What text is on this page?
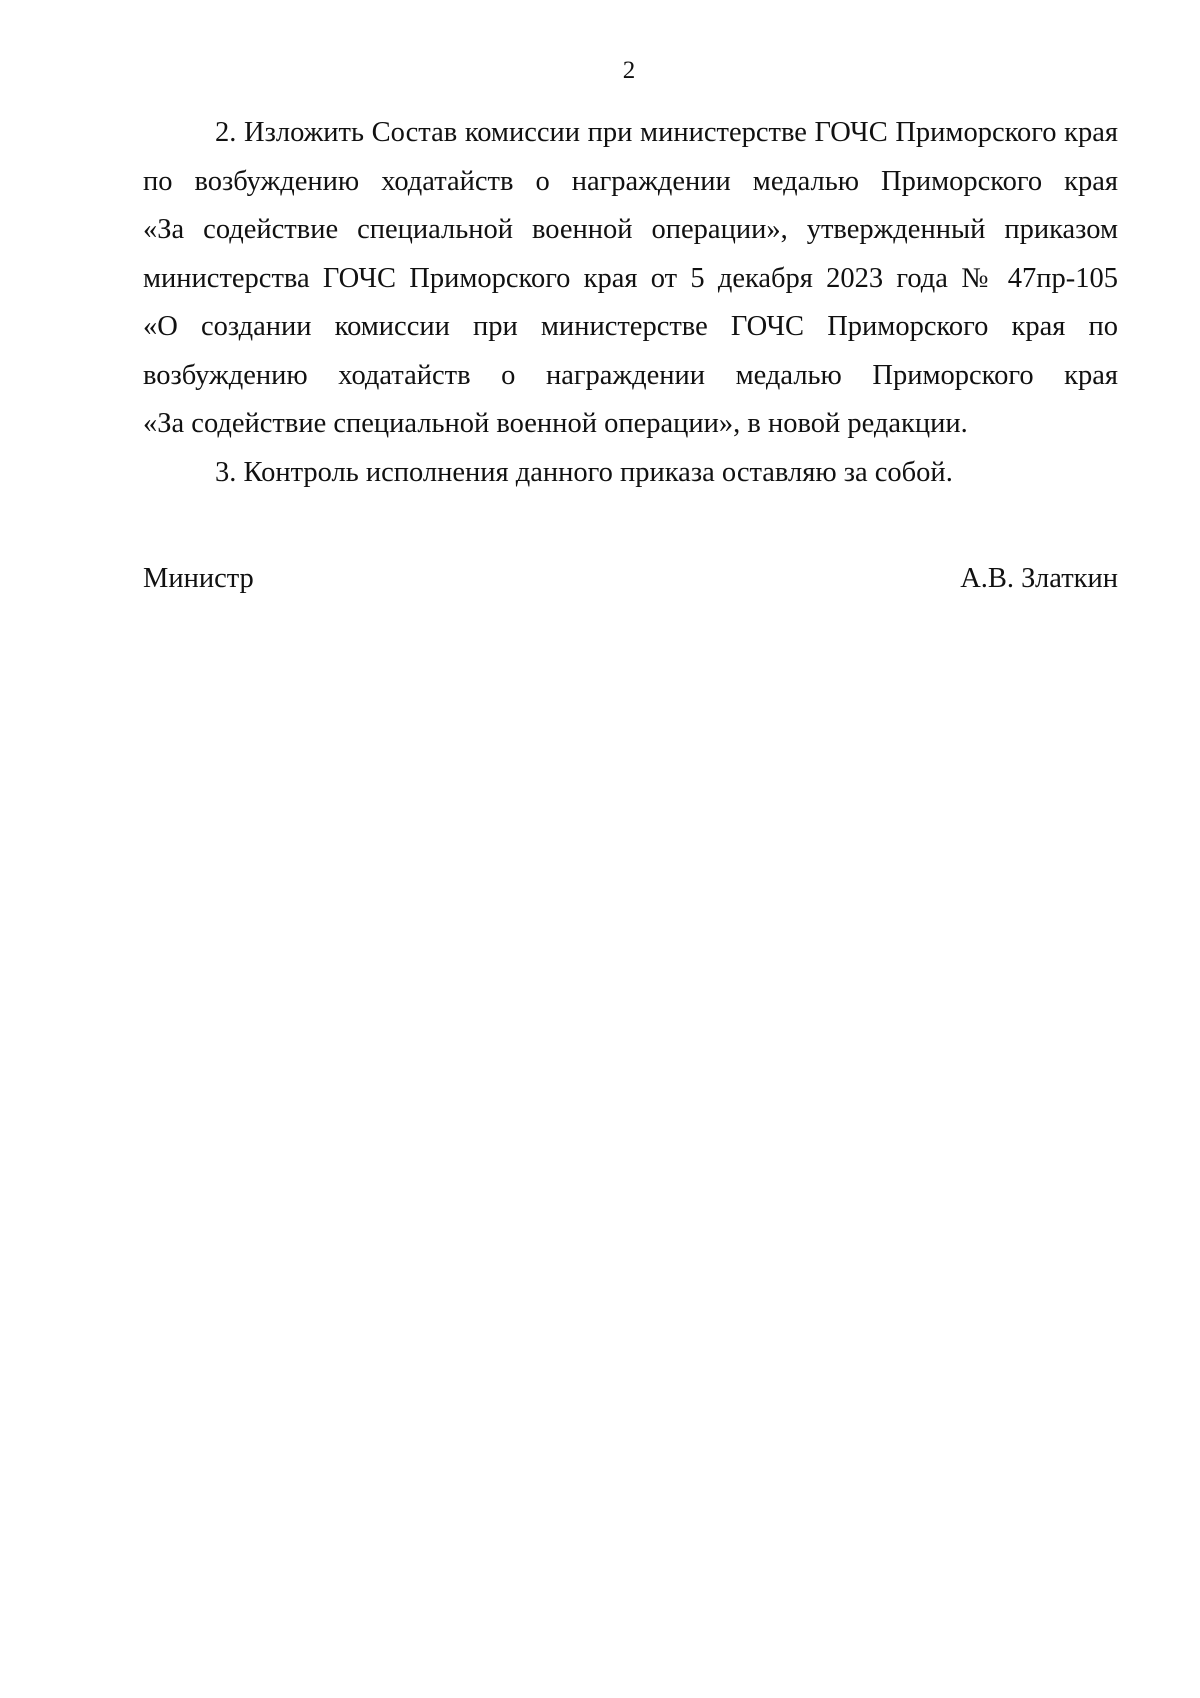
2
2. Изложить Состав комиссии при министерстве ГОЧС Приморского края
по возбуждению ходатайств о награждении медалью Приморского края
«За содействие специальной военной операции», утвержденный приказом
министерства ГОЧС Приморского края от 5 декабря 2023 года № 47пр-105
«О создании комиссии при министерстве ГОЧС Приморского края по
возбуждению ходатайств о награждении медалью Приморского края
«За содействие специальной военной операции», в новой редакции.

3. Контроль исполнения данного приказа оставляю за собой.

Министр	А.В. Златкин
